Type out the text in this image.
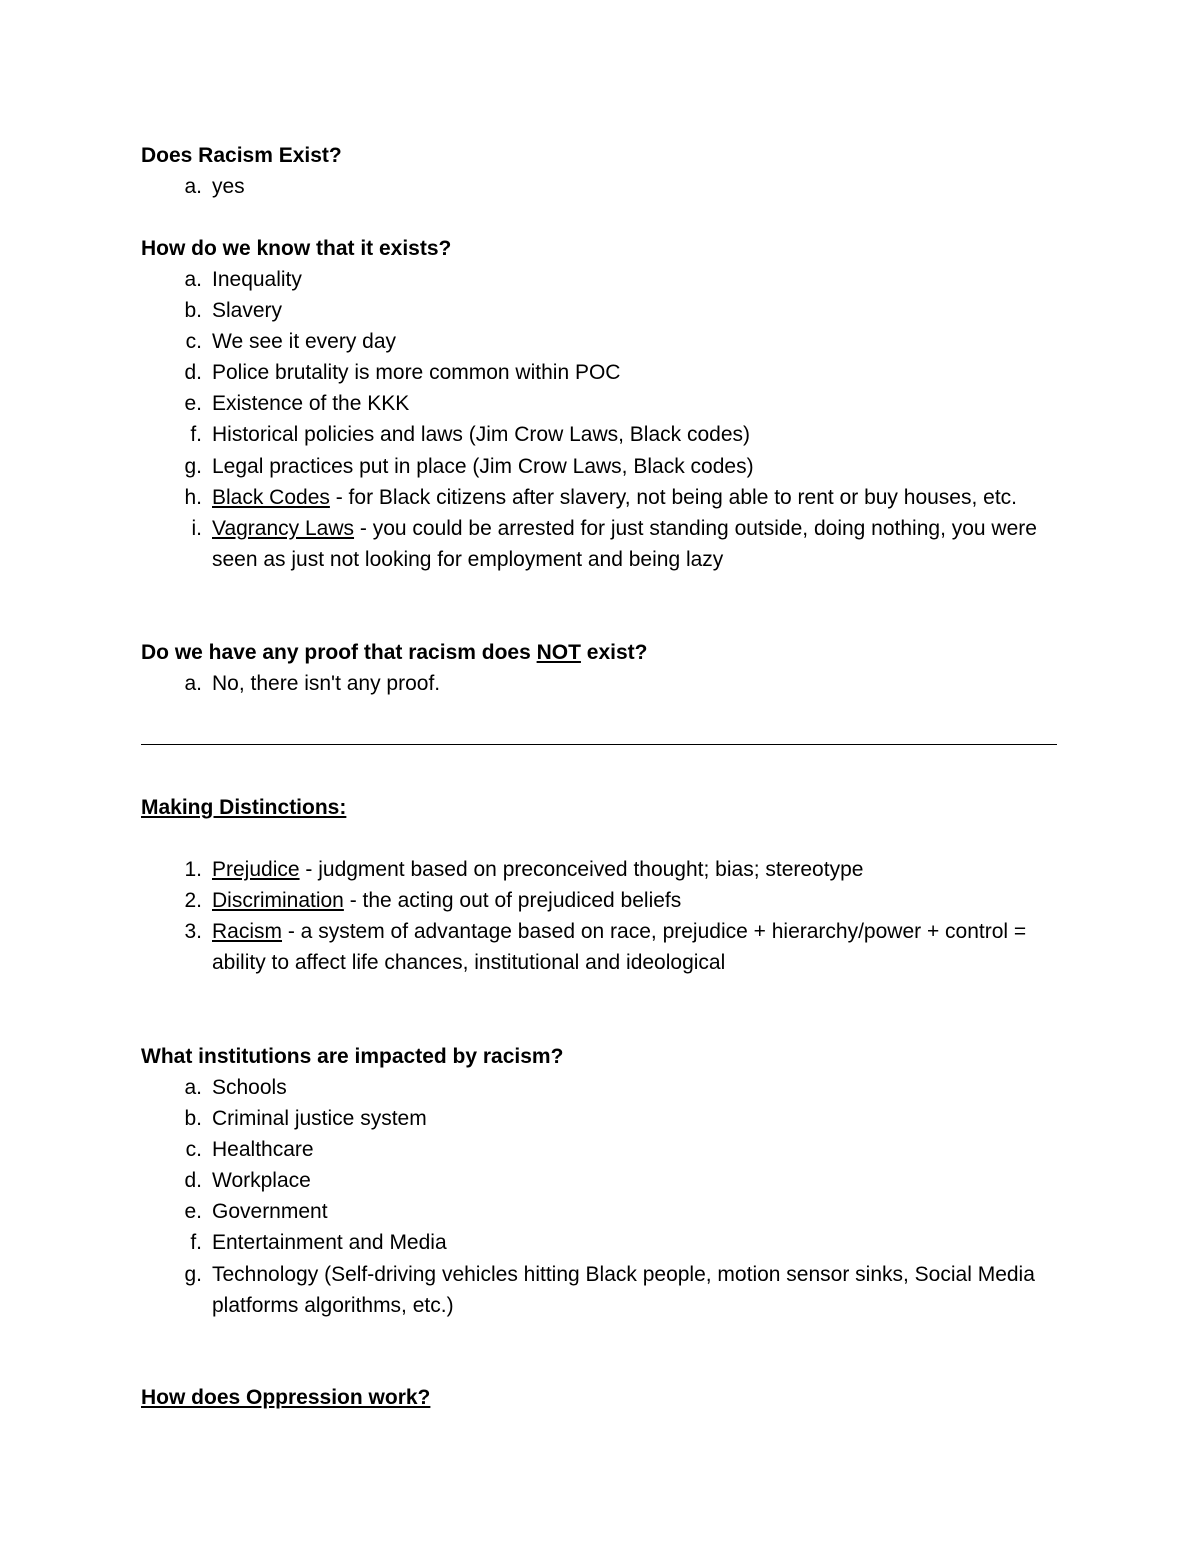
Does Racism Exist?
a. yes
How do we know that it exists?
a. Inequality
b. Slavery
c. We see it every day
d. Police brutality is more common within POC
e. Existence of the KKK
f. Historical policies and laws (Jim Crow Laws, Black codes)
g. Legal practices put in place (Jim Crow Laws, Black codes)
h. Black Codes - for Black citizens after slavery, not being able to rent or buy houses, etc.
i. Vagrancy Laws - you could be arrested for just standing outside, doing nothing, you were seen as just not looking for employment and being lazy
Do we have any proof that racism does NOT exist?
a. No, there isn't any proof.
Making Distinctions:
1. Prejudice - judgment based on preconceived thought; bias; stereotype
2. Discrimination - the acting out of prejudiced beliefs
3. Racism - a system of advantage based on race, prejudice + hierarchy/power + control = ability to affect life chances, institutional and ideological
What institutions are impacted by racism?
a. Schools
b. Criminal justice system
c. Healthcare
d. Workplace
e. Government
f. Entertainment and Media
g. Technology (Self-driving vehicles hitting Black people, motion sensor sinks, Social Media platforms algorithms, etc.)
How does Oppression work?
